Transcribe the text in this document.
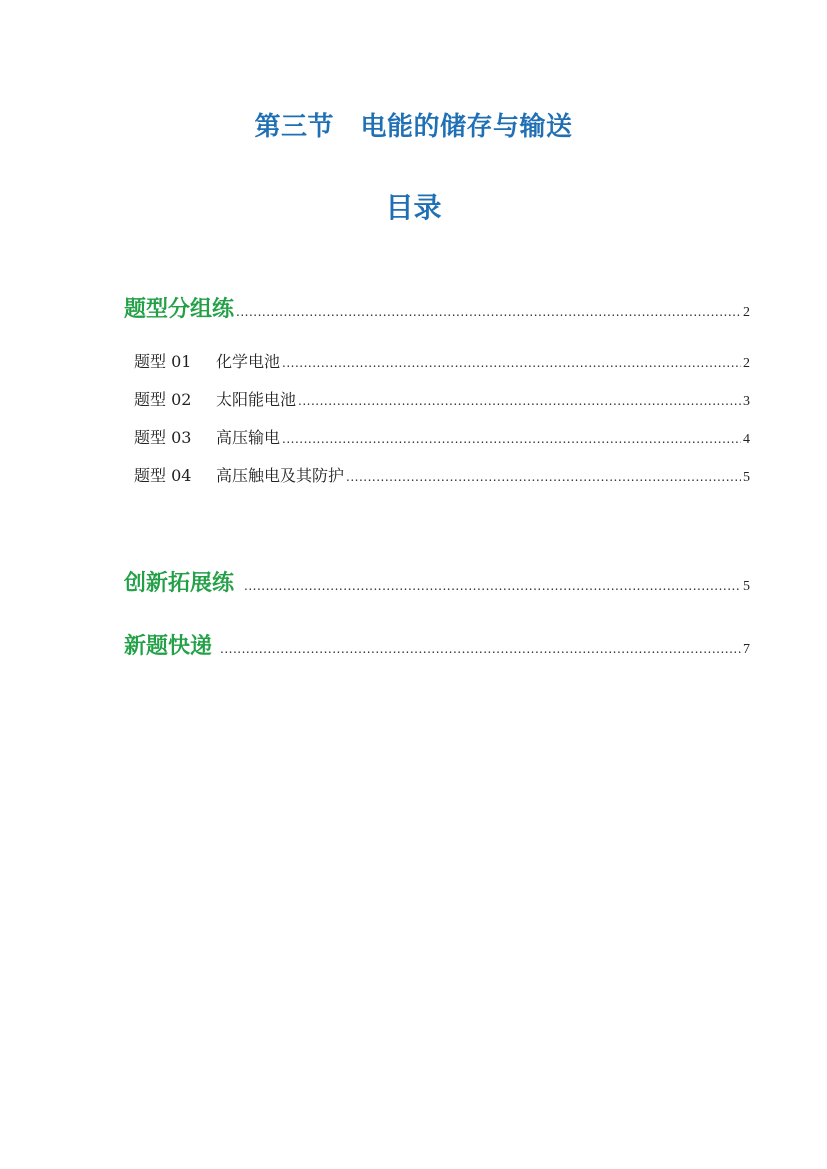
第三节　电能的储存与输送
目录
题型分组练 .....	2
题型 01 化学电池 .....	2
题型 02 太阳能电池 .....	3
题型 03 高压输电 .....	4
题型 04 高压触电及其防护 .....	5
创新拓展练 .....	5
新题快递 .....	7
